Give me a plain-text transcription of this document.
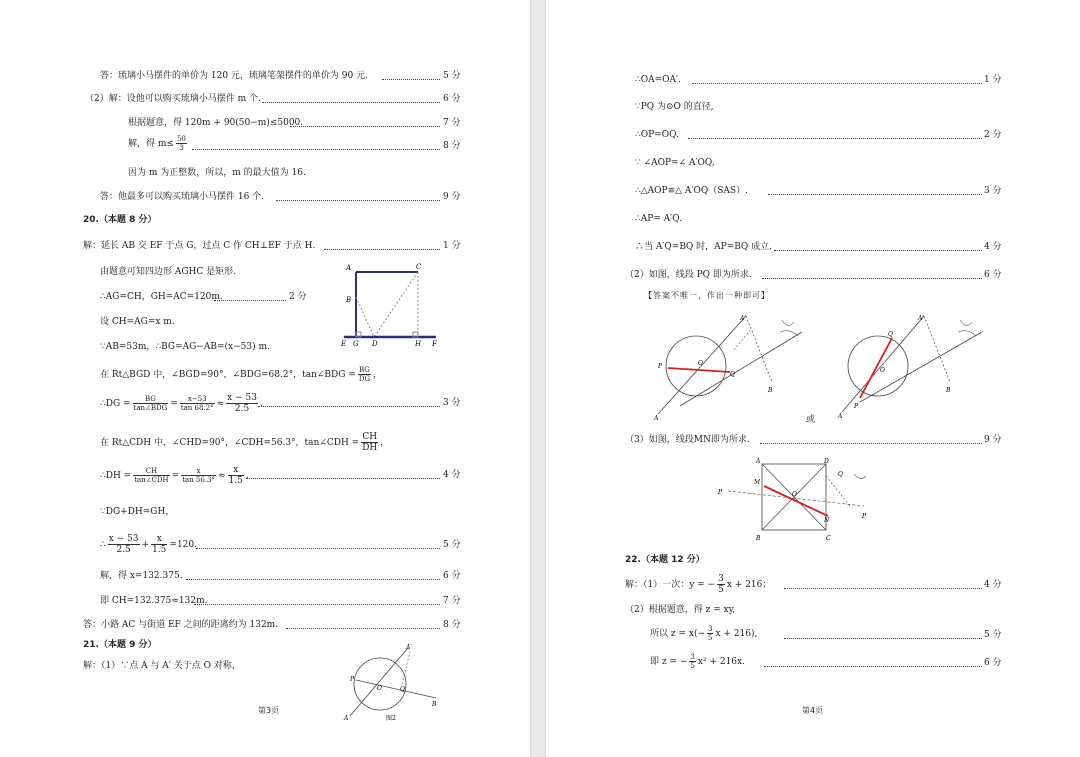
答：琉璃小马摆件的单价为 120 元，琉璃笔架摆件的单价为 90 元.	5 分
（2）解：设他可以购买琉璃小马摆件 m 个.	6 分
根据题意，得 120m + 90(50−m)≤5000.	7 分
解，得 $m\le \frac{50}{3}$	8 分
因为 m 为正整数，所以，m 的最大值为 16.
答：他最多可以购买琉璃小马摆件 16 个.	9 分
20.（本题 8 分）
解：延长 AB 交 EF 于点 G，过点 C 作 CH⊥EF 于点 H.	1 分
由题意可知四边形 AGHC 是矩形.
∴AG=CH，GH=AC=120m.	2 分
设 CH=AG=x m.
∵AB=53m，∴BG=AG−AB=(x−53) m.
在 Rt△BGD 中，∠BGD=90°，∠BDG=68.2°，tan∠BDG = $\frac{BG}{DG}$ ，
∴DG = $\frac{BG}{\text{tan∠BDG}} = \frac{x-53}{\tan 68.2^\circ} \approx \frac{x - 53}{2.5}$ .	3 分
在 Rt△CDH 中，∠CHD=90°，∠CDH=56.3°，tan∠CDH = $\frac{CH}{DH}$ ，
∴DH = $\frac{CH}{\text{tan∠CDH}} = \frac{x}{\tan 56.3^\circ} \approx \frac{x}{1.5}$ .	4 分
∵DG+DH=GH，
∴ $\frac{x - 53}{2.5} + \frac{x}{1.5} =120$.	5 分
解，得 x=132.375.	6 分
即 CH=132.375≈132m.	7 分
答：小路 AC 与街道 EF 之间的距离约为 132m.	8 分
21.（本题 9 分）
解：（1）∵点 A 与 A′ 关于点 O 对称，
A	C
B
E G D	H F
A′
P
O	Q
B
A	图2
第3页
∴OA=OA′.	1 分
∵PQ 为⊙O 的直径,
∴OP=OQ.	2 分
∵ ∠AOP=∠ A′OQ,
∴△AOP≌△ A′OQ（SAS）.	3 分
∴AP= A′Q.
∴当 A′Q=BQ 时，AP=BQ 成立.	4 分
（2）如图，线段 PQ 即为所求.	6 分
【答案不唯一，作出一种即可】
A′
P	O
Q
B
A
A′
Q
O
P
B
A
或
（3）如图，线段MN即为所求.	9 分
A	D
M
Q
P	O
N
P
B	C
22.（本题 12 分）
解：（1）一次：y = − $\frac{3}{5}$ x + 216；	4 分
（2）根据题意，得 z = xy,
所以 $z = x(- \frac{3}{5}$ x + 216),	5 分
即 z = − $\frac{3}{5} x^2 + 216x$.	6 分
第4页
